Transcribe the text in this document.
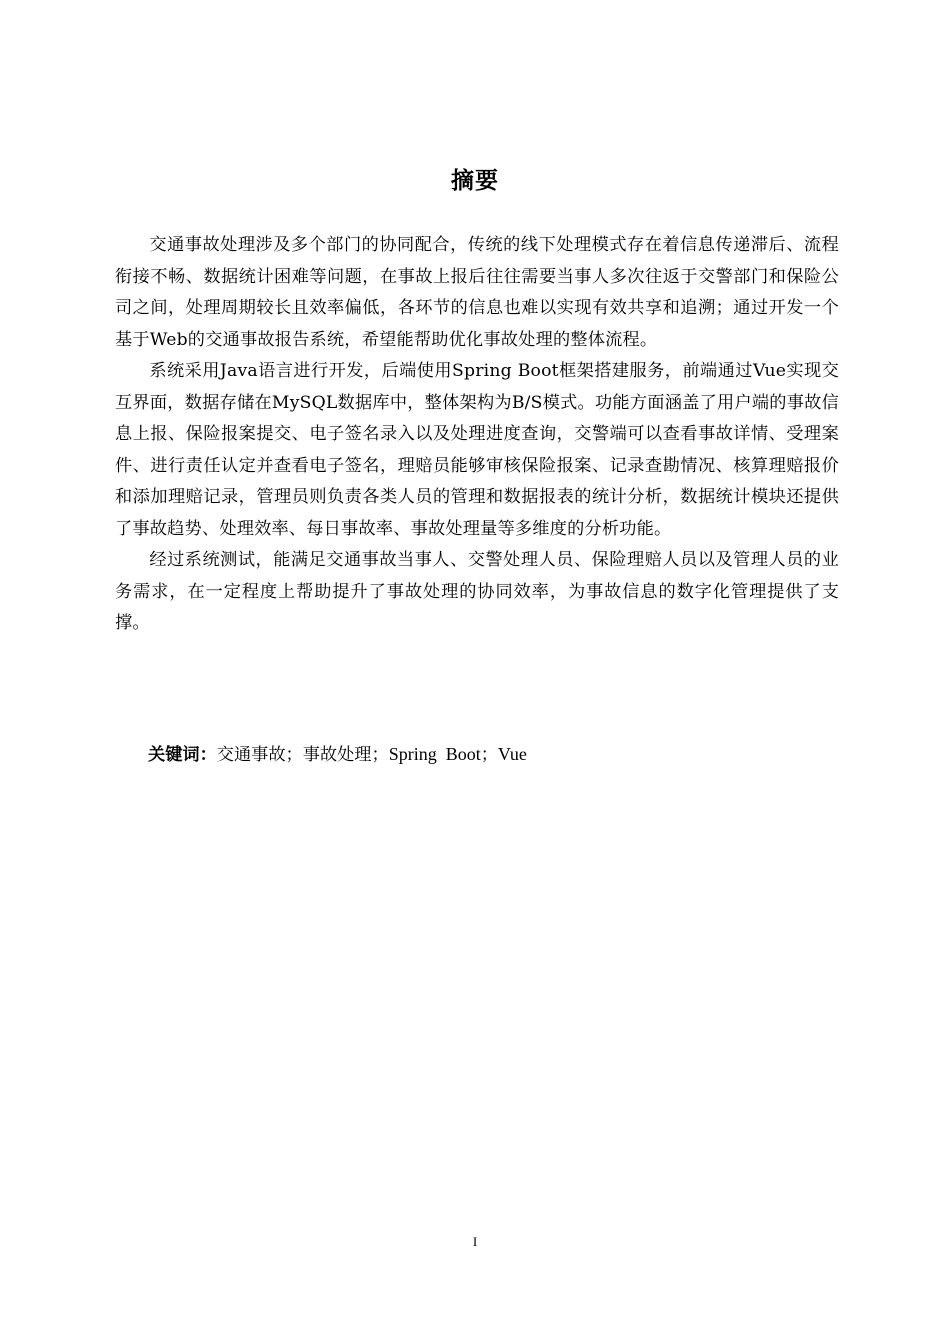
摘要

交通事故处理涉及多个部门的协同配合，传统的线下处理模式存在着信息传递滞后、流程衔接不畅、数据统计困难等问题，在事故上报后往往需要当事人多次往返于交警部门和保险公司之间，处理周期较长且效率偏低，各环节的信息也难以实现有效共享和追溯；通过开发一个基于Web的交通事故报告系统，希望能帮助优化事故处理的整体流程。

系统采用Java语言进行开发，后端使用Spring Boot框架搭建服务，前端通过Vue实现交互界面，数据存储在MySQL数据库中，整体架构为B/S模式。功能方面涵盖了用户端的事故信息上报、保险报案提交、电子签名录入以及处理进度查询，交警端可以查看事故详情、受理案件、进行责任认定并查看电子签名，理赔员能够审核保险报案、记录查勘情况、核算理赔报价和添加理赔记录，管理员则负责各类人员的管理和数据报表的统计分析，数据统计模块还提供了事故趋势、处理效率、每日事故率、事故处理量等多维度的分析功能。

经过系统测试，能满足交通事故当事人、交警处理人员、保险理赔人员以及管理人员的业务需求，在一定程度上帮助提升了事故处理的协同效率，为事故信息的数字化管理提供了支撑。

关键词：交通事故；事故处理；Spring  Boot；Vue
I
